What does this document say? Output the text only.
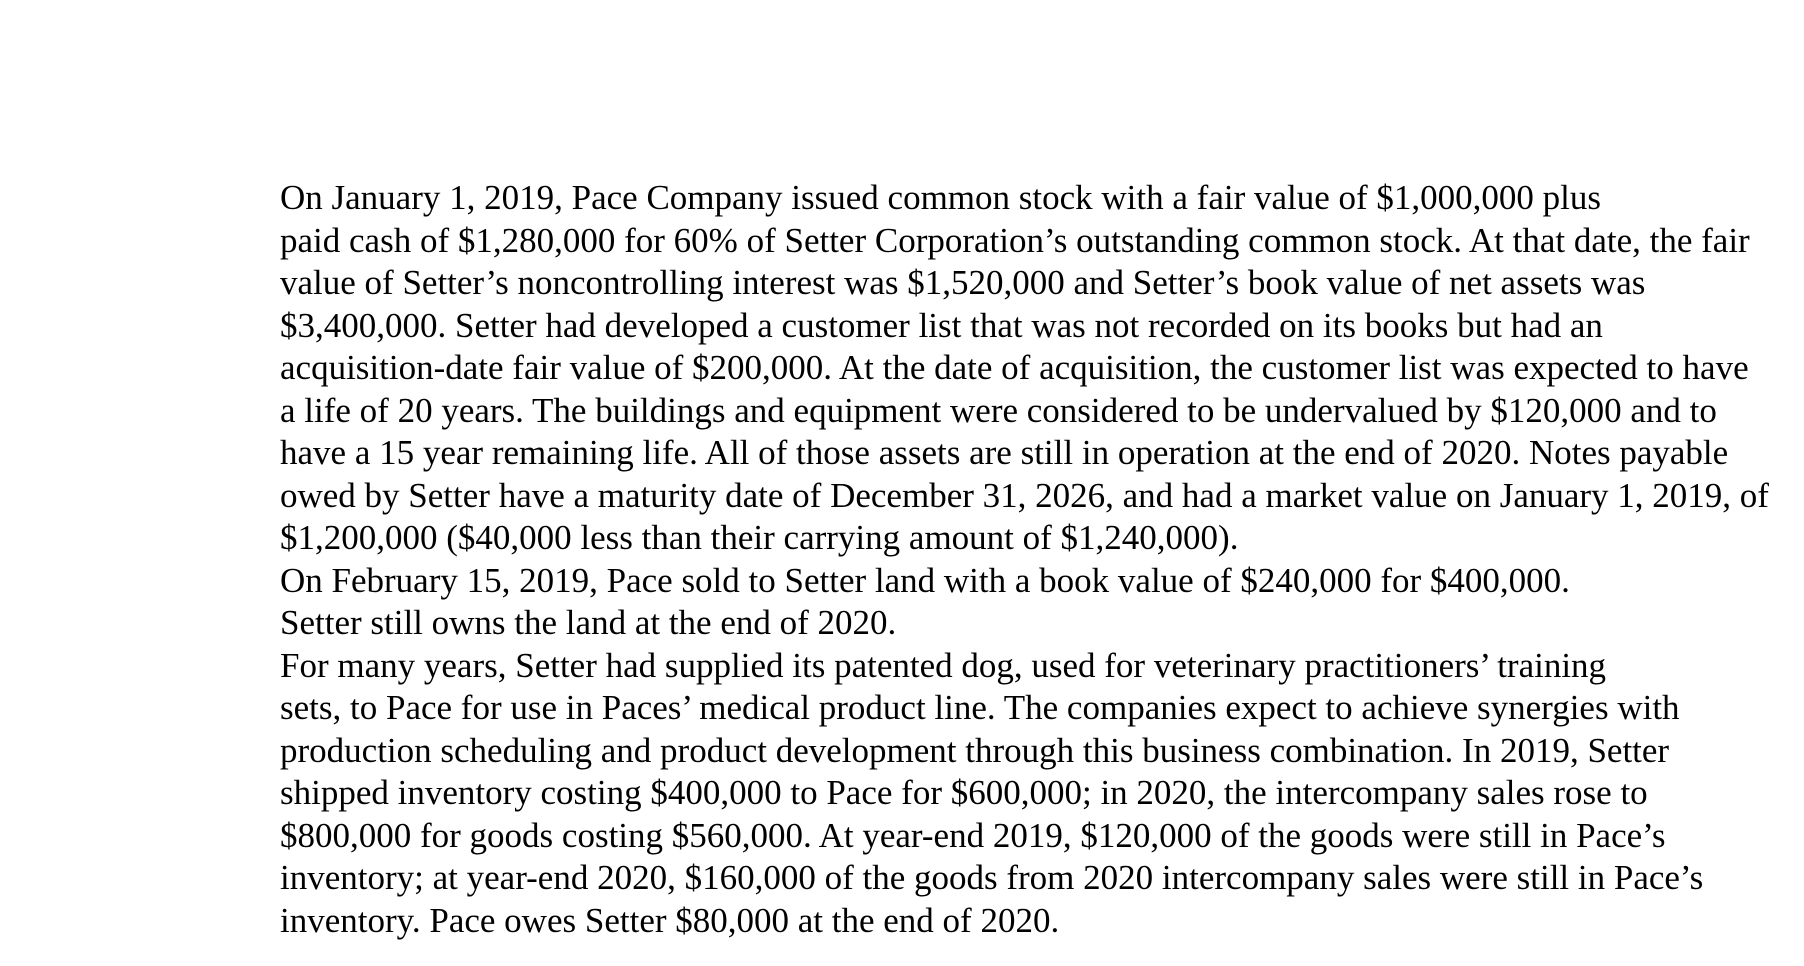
On January 1, 2019, Pace Company issued common stock with a fair value of $1,000,000 plus
paid cash of $1,280,000 for 60% of Setter Corporation’s outstanding common stock. At that date, the fair
value of Setter’s noncontrolling interest was $1,520,000 and Setter’s book value of net assets was
$3,400,000. Setter had developed a customer list that was not recorded on its books but had an
acquisition-date fair value of $200,000. At the date of acquisition, the customer list was expected to have
a life of 20 years. The buildings and equipment were considered to be undervalued by $120,000 and to
have a 15 year remaining life. All of those assets are still in operation at the end of 2020. Notes payable
owed by Setter have a maturity date of December 31, 2026, and had a market value on January 1, 2019, of
$1,200,000 ($40,000 less than their carrying amount of $1,240,000).

On February 15, 2019, Pace sold to Setter land with a book value of $240,000 for $400,000.
Setter still owns the land at the end of 2020.

For many years, Setter had supplied its patented dog, used for veterinary practitioners’ training
sets, to Pace for use in Paces’ medical product line. The companies expect to achieve synergies with
production scheduling and product development through this business combination. In 2019, Setter
shipped inventory costing $400,000 to Pace for $600,000; in 2020, the intercompany sales rose to
$800,000 for goods costing $560,000. At year-end 2019, $120,000 of the goods were still in Pace’s
inventory; at year-end 2020, $160,000 of the goods from 2020 intercompany sales were still in Pace’s
inventory. Pace owes Setter $80,000 at the end of 2020.
